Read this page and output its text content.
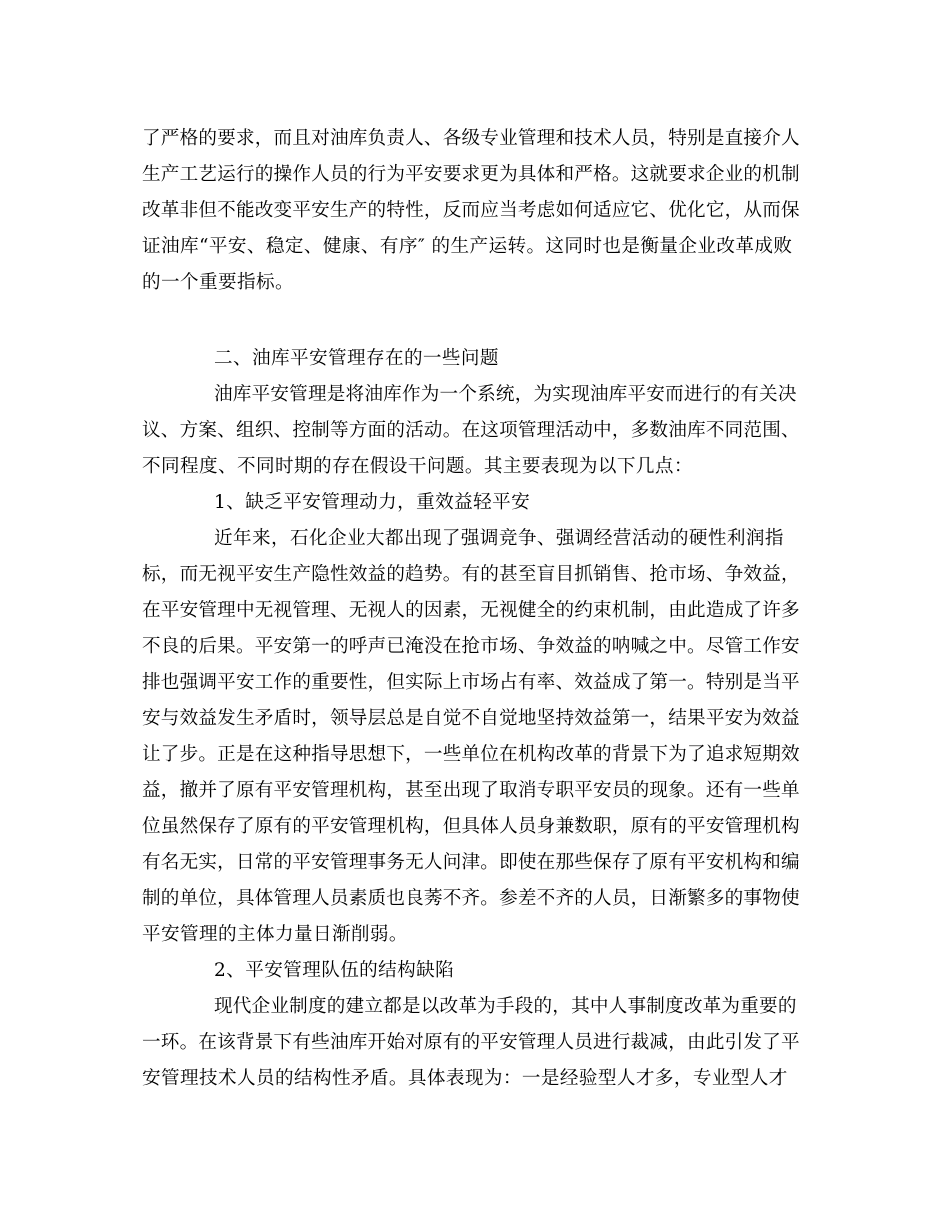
了严格的要求，而且对油库负责人、各级专业管理和技术人员，特别是直接介人
生产工艺运行的操作人员的行为平安要求更为具体和严格。这就要求企业的机制
改革非但不能改变平安生产的特性，反而应当考虑如何适应它、优化它，从而保
证油库“平安、稳定、健康、有序″ 的生产运转。这同时也是衡量企业改革成败
的一个重要指标。
二、油库平安管理存在的一些问题
油库平安管理是将油库作为一个系统，为实现油库平安而进行的有关决
议、方案、组织、控制等方面的活动。在这项管理活动中，多数油库不同范围、
不同程度、不同时期的存在假设干问题。其主要表现为以下几点：
1、缺乏平安管理动力，重效益轻平安
近年来，石化企业大都出现了强调竞争、强调经营活动的硬性利润指
标，而无视平安生产隐性效益的趋势。有的甚至盲目抓销售、抢市场、争效益，
在平安管理中无视管理、无视人的因素，无视健全的约束机制，由此造成了许多
不良的后果。平安第一的呼声已淹没在抢市场、争效益的呐喊之中。尽管工作安
排也强调平安工作的重要性，但实际上市场占有率、效益成了第一。特别是当平
安与效益发生矛盾时，领导层总是自觉不自觉地坚持效益第一，结果平安为效益
让了步。正是在这种指导思想下，一些单位在机构改革的背景下为了追求短期效
益，撤并了原有平安管理机构，甚至出现了取消专职平安员的现象。还有一些单
位虽然保存了原有的平安管理机构，但具体人员身兼数职，原有的平安管理机构
有名无实，日常的平安管理事务无人问津。即使在那些保存了原有平安机构和编
制的单位，具体管理人员素质也良莠不齐。参差不齐的人员，日渐繁多的事物使
平安管理的主体力量日渐削弱。
2、平安管理队伍的结构缺陷
现代企业制度的建立都是以改革为手段的，其中人事制度改革为重要的
一环。在该背景下有些油库开始对原有的平安管理人员进行裁减，由此引发了平
安管理技术人员的结构性矛盾。具体表现为：一是经验型人才多，专业型人才
